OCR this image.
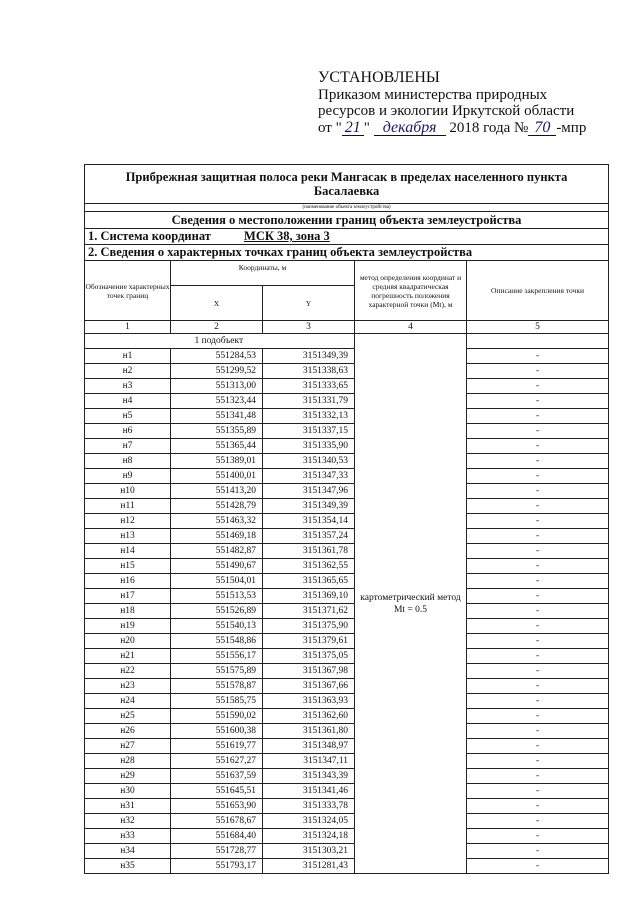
УСТАНОВЛЕНЫ
Приказом министерства природных
ресурсов и экологии Иркутской области
от " 21 " декабря 2018 года № 70 -мпр
Прибрежная защитная полоса реки Мангасак в пределах населенного пункта Басалаевка				
(наименование объекта землеустройства)				
Сведения о местоположении границ объекта землеустройства				
1. Система координат МСК 38, зона 3				
2. Сведения о характерных точках границ объекта землеустройства				
Обозначение характерных точек границ	Координаты, м		метод определения координат и средняя квадратическая погрешность положения характерной точки (Mt), м	Описание закрепления точки
	X	Y		
1	2	3	4	5
	1 подобъект		картометрический метод Mt = 0.5	
н1	551284,53	3151349,39		-
н2	551299,52	3151338,63		-
н3	551313,00	3151333,65		-
н4	551323,44	3151331,79		-
н5	551341,48	3151332,13		-
н6	551355,89	3151337,15		-
н7	551365,44	3151335,90		-
н8	551389,01	3151340,53		-
н9	551400,01	3151347,33		-
н10	551413,20	3151347,96		-
н11	551428,79	3151349,39		-
н12	551463,32	3151354,14		-
н13	551469,18	3151357,24		-
н14	551482,87	3151361,78		-
н15	551490,67	3151362,55		-
н16	551504,01	3151365,65		-
н17	551513,53	3151369,10		-
н18	551526,89	3151371,62		-
н19	551540,13	3151375,90		-
н20	551548,86	3151379,61		-
н21	551556,17	3151375,05		-
н22	551575,89	3151367,98		-
н23	551578,87	3151367,66		-
н24	551585,75	3151363,93		-
н25	551590,02	3151362,60		-
н26	551600,38	3151361,80		-
н27	551619,77	3151348,97		-
н28	551627,27	3151347,11		-
н29	551637,59	3151343,39		-
н30	551645,51	3151341,46		-
н31	551653,90	3151333,78		-
н32	551678,67	3151324,05		-
н33	551684,40	3151324,18		-
н34	551728,77	3151303,21		-
н35	551793,17	3151281,43		-
